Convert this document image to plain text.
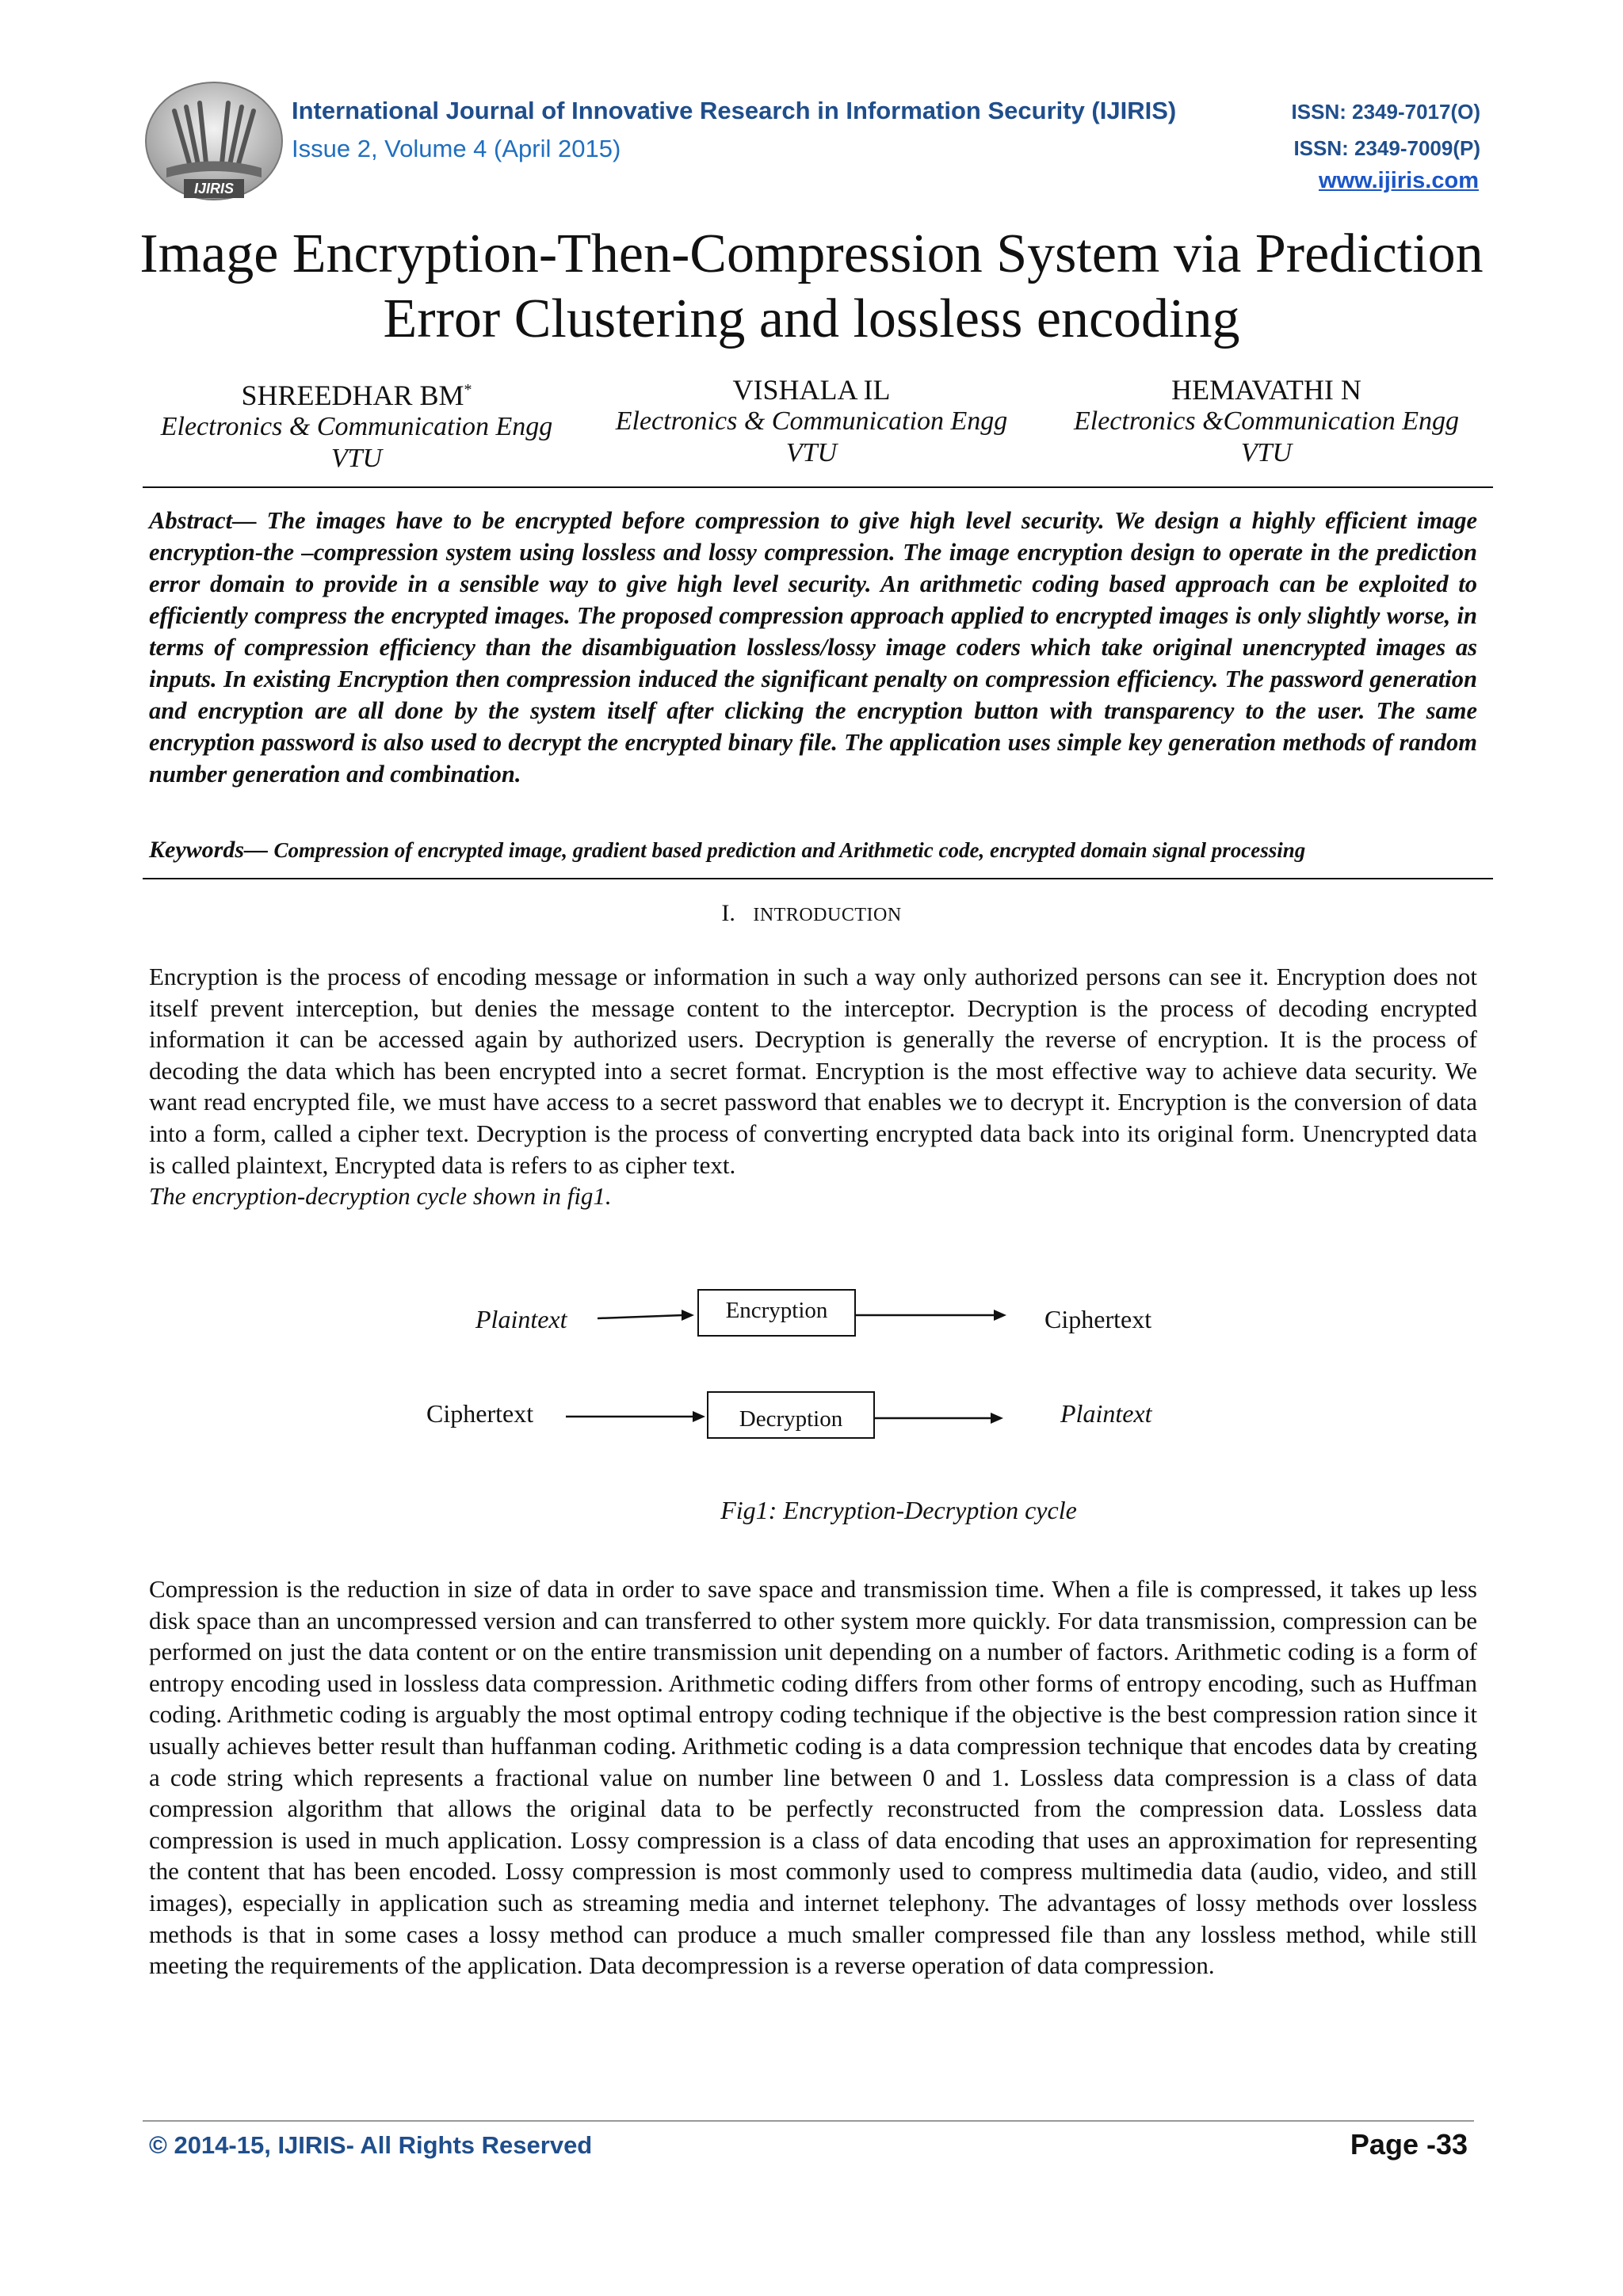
IJIRIS
International Journal of Innovative Research in Information Security (IJIRIS)
Issue 2, Volume 4 (April 2015)
ISSN: 2349-7017(O)
ISSN: 2349-7009(P)
www.ijiris.com
Image Encryption-Then-Compression System via Prediction
Error Clustering and lossless encoding
SHREEDHAR BM*
Electronics & Communication Engg
VTU
VISHALA IL
Electronics & Communication Engg
VTU
HEMAVATHI N
Electronics &Communication Engg
VTU
Abstract— The images have to be encrypted before compression to give high level security. We design a highly efficient image encryption-the –compression system using lossless and lossy compression. The image encryption design to operate in the prediction error domain to provide in a sensible way to give high level security. An arithmetic coding based approach can be exploited to efficiently compress the encrypted images. The proposed compression approach applied to encrypted images is only slightly worse, in terms of compression efficiency than the disambiguation lossless/lossy image coders which take original unencrypted images as inputs. In existing Encryption then compression induced the significant penalty on compression efficiency. The password generation and encryption are all done by the system itself after clicking the encryption button with transparency to the user. The same encryption password is also used to decrypt the encrypted binary file. The application uses simple key generation methods of random number generation and combination.
Keywords— Compression of encrypted image, gradient based prediction and Arithmetic code, encrypted domain signal processing
I. INTRODUCTION
Encryption is the process of encoding message or information in such a way only authorized persons can see it. Encryption does not itself prevent interception, but denies the message content to the interceptor. Decryption is the process of decoding encrypted information it can be accessed again by authorized users. Decryption is generally the reverse of encryption. It is the process of decoding the data which has been encrypted into a secret format. Encryption is the most effective way to achieve data security. We want read encrypted file, we must have access to a secret password that enables we to decrypt it. Encryption is the conversion of data into a form, called a cipher text. Decryption is the process of converting encrypted data back into its original form. Unencrypted data is called plaintext, Encrypted data is refers to as cipher text.
The encryption-decryption cycle shown in fig1.
Plaintext	Encryption	Ciphertext
Ciphertext	Decryption	Plaintext
Fig1: Encryption-Decryption cycle
Compression is the reduction in size of data in order to save space and transmission time. When a file is compressed, it takes up less disk space than an uncompressed version and can transferred to other system more quickly. For data transmission, compression can be performed on just the data content or on the entire transmission unit depending on a number of factors. Arithmetic coding is a form of entropy encoding used in lossless data compression. Arithmetic coding differs from other forms of entropy encoding, such as Huffman coding. Arithmetic coding is arguably the most optimal entropy coding technique if the objective is the best compression ration since it usually achieves better result than huffanman coding. Arithmetic coding is a data compression technique that encodes data by creating a code string which represents a fractional value on number line between 0 and 1. Lossless data compression is a class of data compression algorithm that allows the original data to be perfectly reconstructed from the compression data. Lossless data compression is used in much application. Lossy compression is a class of data encoding that uses an approximation for representing the content that has been encoded. Lossy compression is most commonly used to compress multimedia data (audio, video, and still images), especially in application such as streaming media and internet telephony. The advantages of lossy methods over lossless methods is that in some cases a lossy method can produce a much smaller compressed file than any lossless method, while still meeting the requirements of the application. Data decompression is a reverse operation of data compression.
© 2014-15, IJIRIS- All Rights Reserved	Page -33
